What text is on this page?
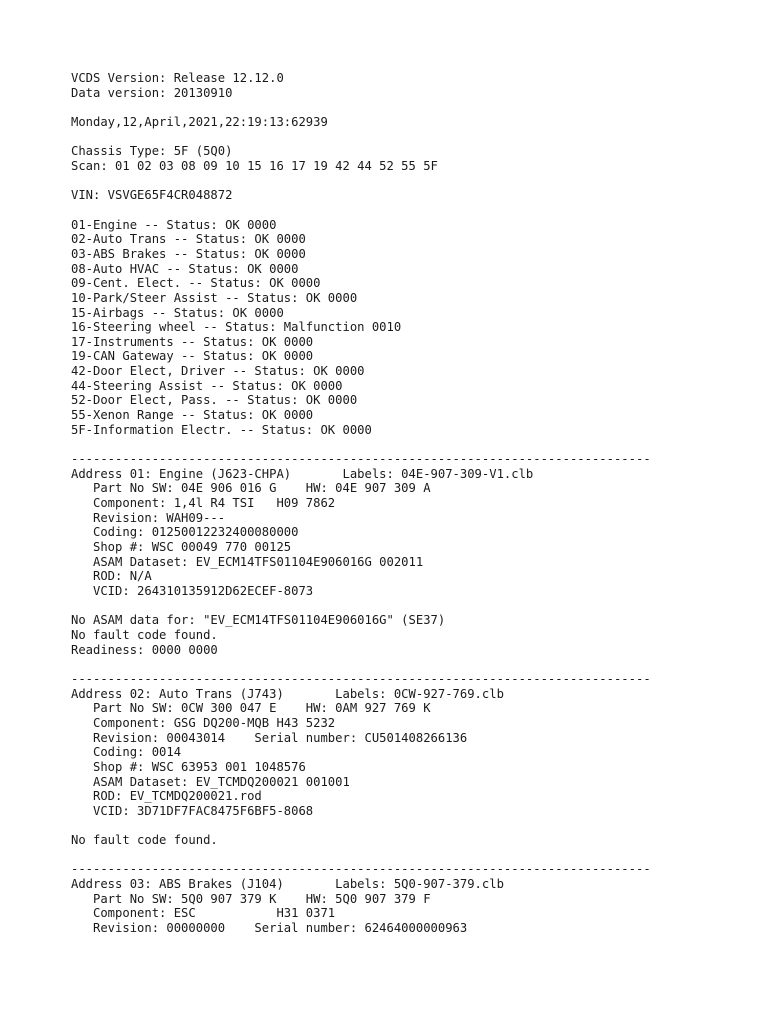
VCDS Version: Release 12.12.0
Data version: 20130910

Monday,12,April,2021,22:19:13:62939

Chassis Type: 5F (5Q0)
Scan: 01 02 03 08 09 10 15 16 17 19 42 44 52 55 5F

VIN: VSVGE65F4CR048872

01-Engine -- Status: OK 0000
02-Auto Trans -- Status: OK 0000
03-ABS Brakes -- Status: OK 0000
08-Auto HVAC -- Status: OK 0000
09-Cent. Elect. -- Status: OK 0000
10-Park/Steer Assist -- Status: OK 0000
15-Airbags -- Status: OK 0000
16-Steering wheel -- Status: Malfunction 0010
17-Instruments -- Status: OK 0000
19-CAN Gateway -- Status: OK 0000
42-Door Elect, Driver -- Status: OK 0000
44-Steering Assist -- Status: OK 0000
52-Door Elect, Pass. -- Status: OK 0000
55-Xenon Range -- Status: OK 0000
5F-Information Electr. -- Status: OK 0000

-------------------------------------------------------------------------------
Address 01: Engine (J623-CHPA)       Labels: 04E-907-309-V1.clb
Part No SW: 04E 906 016 G    HW: 04E 907 309 A
Component: 1,4l R4 TSI   H09 7862
Revision: WAH09---
Coding: 01250012232400080000
Shop #: WSC 00049 770 00125
ASAM Dataset: EV_ECM14TFS01104E906016G 002011
ROD: N/A
VCID: 264310135912D62ECEF-8073

No ASAM data for: "EV_ECM14TFS01104E906016G" (SE37)
No fault code found.
Readiness: 0000 0000

-------------------------------------------------------------------------------
Address 02: Auto Trans (J743)       Labels: 0CW-927-769.clb
Part No SW: 0CW 300 047 E    HW: 0AM 927 769 K
Component: GSG DQ200-MQB H43 5232
Revision: 00043014    Serial number: CU501408266136
Coding: 0014
Shop #: WSC 63953 001 1048576
ASAM Dataset: EV_TCMDQ200021 001001
ROD: EV_TCMDQ200021.rod
VCID: 3D71DF7FAC8475F6BF5-8068

No fault code found.

-------------------------------------------------------------------------------
Address 03: ABS Brakes (J104)       Labels: 5Q0-907-379.clb
Part No SW: 5Q0 907 379 K    HW: 5Q0 907 379 F
Component: ESC           H31 0371
Revision: 00000000    Serial number: 62464000000963
